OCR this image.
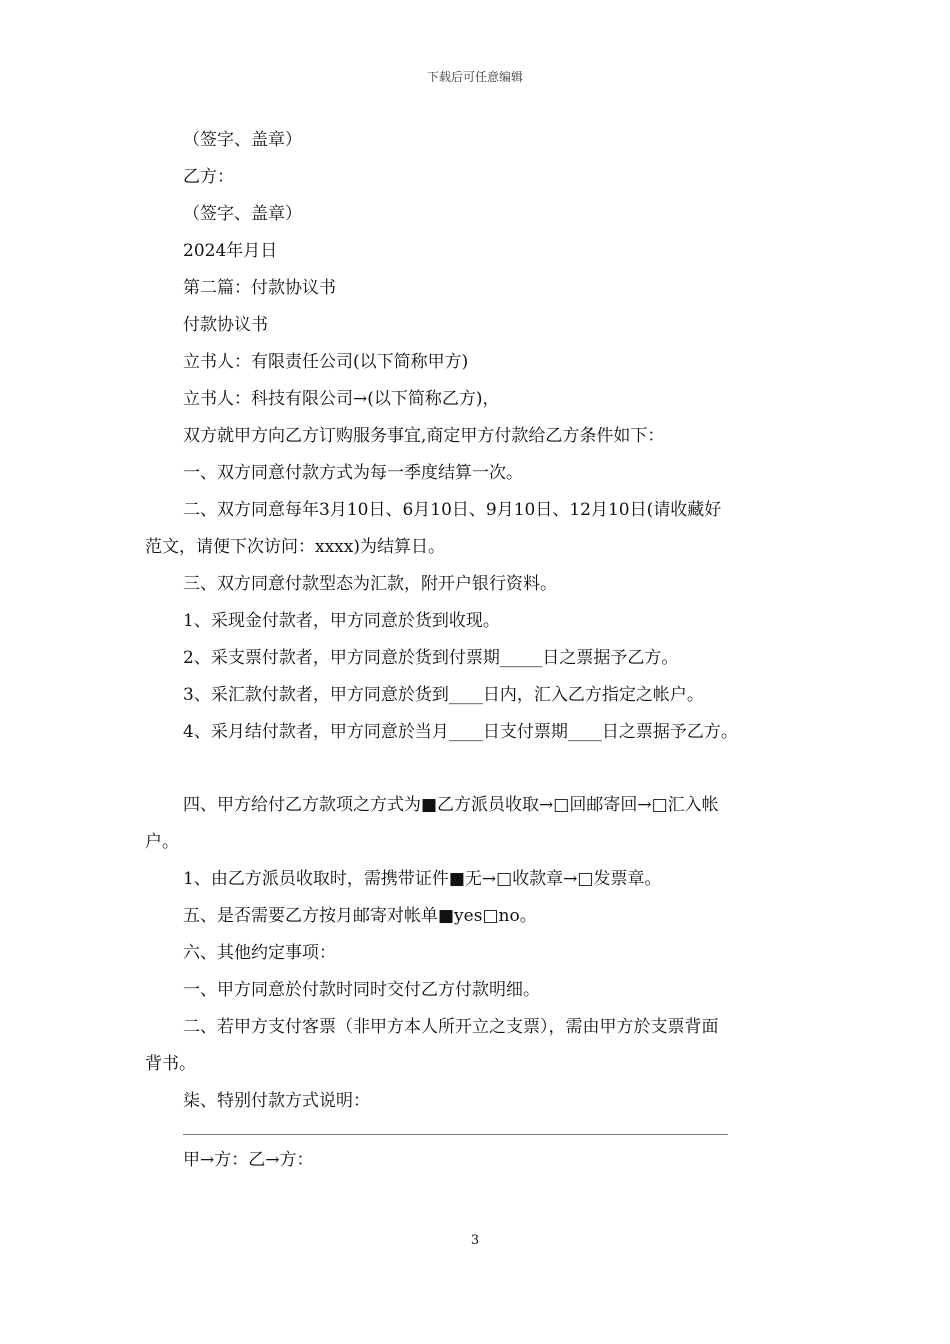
下载后可任意编辑
（签字、盖章）
乙方：
（签字、盖章）
2024年月日
第二篇：付款协议书
付款协议书
立书人：有限责任公司(以下简称甲方)
立书人：科技有限公司→(以下简称乙方)，
双方就甲方向乙方订购服务事宜,商定甲方付款给乙方条件如下：
一、双方同意付款方式为每一季度结算一次。
二、双方同意每年3月10日、6月10日、9月10日、12月10日(请收藏好
范文，请便下次访问：xxxx)为结算日。
三、双方同意付款型态为汇款，附开户银行资料。
1、采现金付款者，甲方同意於货到收现。
2、采支票付款者，甲方同意於货到付票期_____日之票据予乙方。
3、采汇款付款者，甲方同意於货到____日内，汇入乙方指定之帐户。
4、采月结付款者，甲方同意於当月____日支付票期____日之票据予乙方。
四、甲方给付乙方款项之方式为■乙方派员收取→□回邮寄回→□汇入帐
户。
1、由乙方派员收取时，需携带证件■无→□收款章→□发票章。
五、是否需要乙方按月邮寄对帐单■yes□no。
六、其他约定事项：
一、甲方同意於付款时同时交付乙方付款明细。
二、若甲方支付客票（非甲方本人所开立之支票），需由甲方於支票背面
背书。
柒、特别付款方式说明：
甲→方：乙→方：
3
